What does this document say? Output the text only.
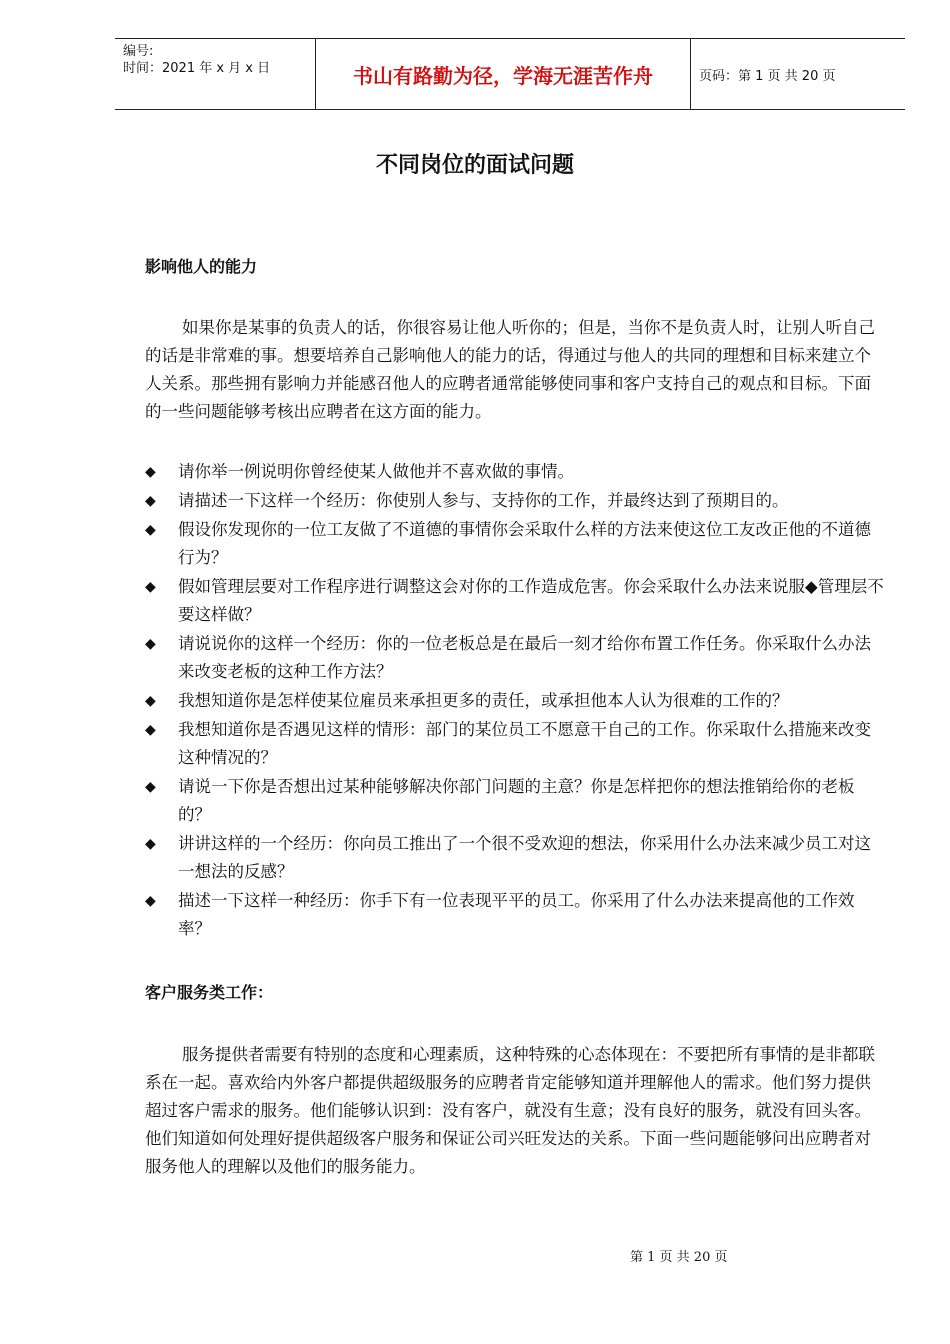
编号:
时间：2021 年 x 月 x 日	书山有路勤为径，学海无涯苦作舟	页码：第 1 页 共 20 页
不同岗位的面试问题
影响他人的能力

如果你是某事的负责人的话，你很容易让他人听你的；但是，当你不是负责人时，让别人听自己的话是非常难的事。想要培养自己影响他人的能力的话，得通过与他人的共同的理想和目标来建立个人关系。那些拥有影响力并能感召他人的应聘者通常能够使同事和客户支持自己的观点和目标。下面的一些问题能够考核出应聘者在这方面的能力。

◆ 请你举一例说明你曾经使某人做他并不喜欢做的事情。
◆ 请描述一下这样一个经历：你使别人参与、支持你的工作，并最终达到了预期目的。
◆ 假设你发现你的一位工友做了不道德的事情你会采取什么样的方法来使这位工友改正他的不道德行为？
◆ 假如管理层要对工作程序进行调整这会对你的工作造成危害。你会采取什么办法来说服◆管理层不要这样做？
◆ 请说说你的这样一个经历：你的一位老板总是在最后一刻才给你布置工作任务。你采取什么办法来改变老板的这种工作方法？
◆ 我想知道你是怎样使某位雇员来承担更多的责任，或承担他本人认为很难的工作的？
◆ 我想知道你是否遇见这样的情形：部门的某位员工不愿意干自己的工作。你采取什么措施来改变这种情况的？
◆ 请说一下你是否想出过某种能够解决你部门问题的主意？你是怎样把你的想法推销给你的老板的？
◆ 讲讲这样的一个经历：你向员工推出了一个很不受欢迎的想法，你采用什么办法来减少员工对这一想法的反感？
◆ 描述一下这样一种经历：你手下有一位表现平平的员工。你采用了什么办法来提高他的工作效率？
客户服务类工作：

服务提供者需要有特别的态度和心理素质，这种特殊的心态体现在：不要把所有事情的是非都联系在一起。喜欢给内外客户都提供超级服务的应聘者肯定能够知道并理解他人的需求。他们努力提供超过客户需求的服务。他们能够认识到：没有客户，就没有生意；没有良好的服务，就没有回头客。他们知道如何处理好提供超级客户服务和保证公司兴旺发达的关系。下面一些问题能够问出应聘者对服务他人的理解以及他们的服务能力。

第 1 页 共 20 页
